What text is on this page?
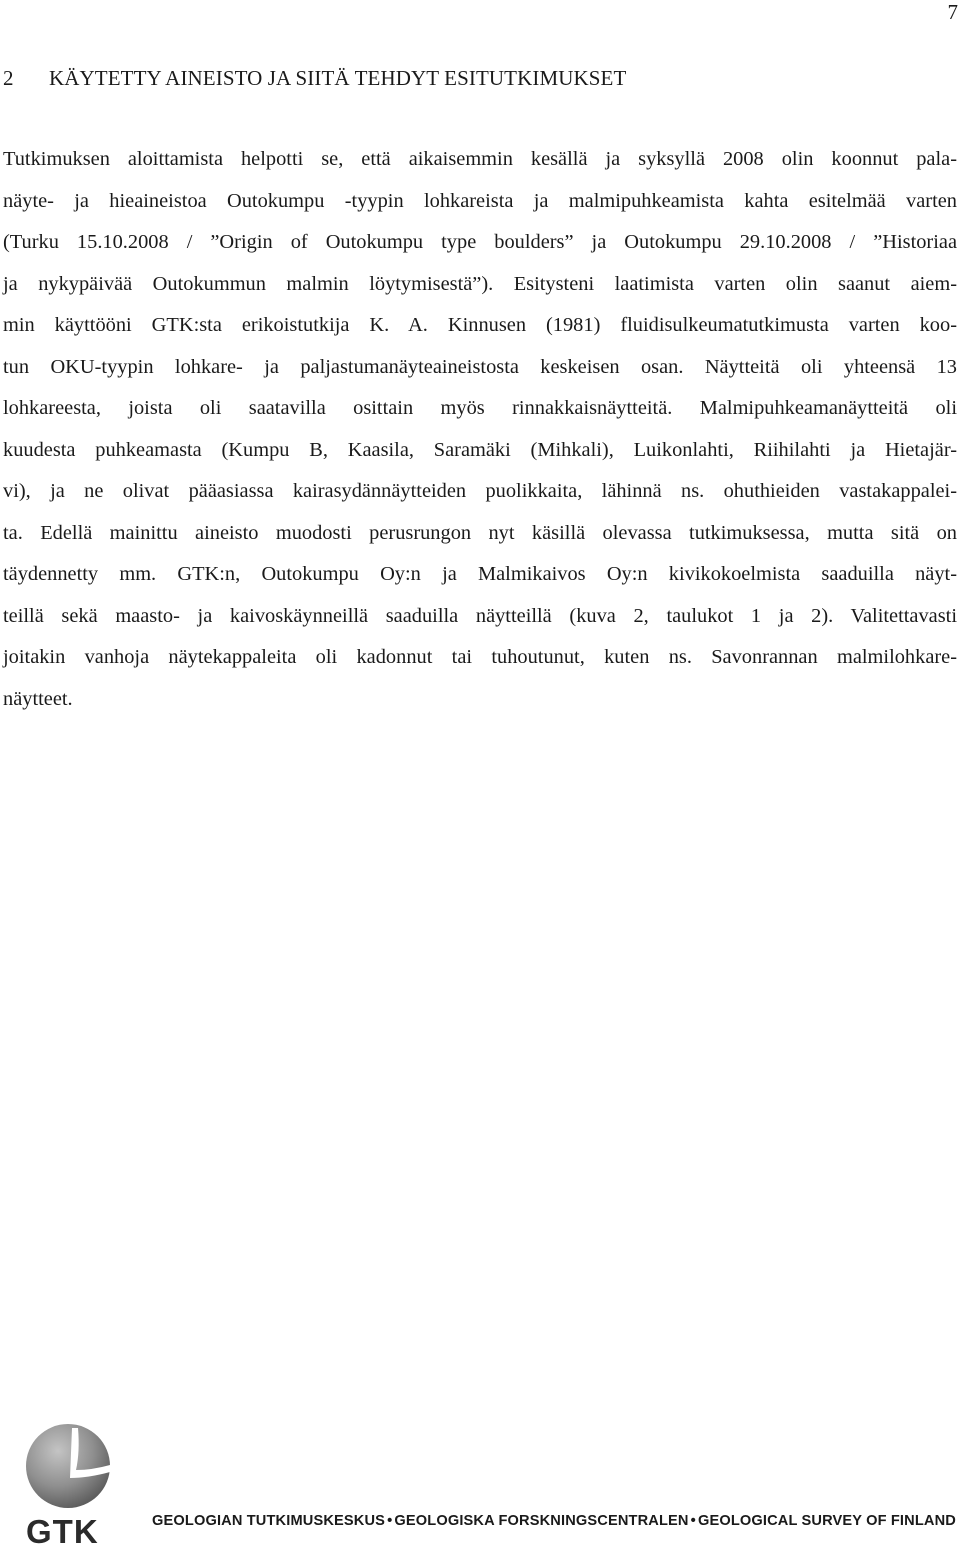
7
2 KÄYTETTY AINEISTO JA SIITÄ TEHDYT ESITUTKIMUKSET
Tutkimuksen aloittamista helpotti se, että aikaisemmin kesällä ja syksyllä 2008 olin koonnut pala-
näyte- ja hieaineistoa Outokumpu -tyypin lohkareista ja malmipuhkeamista kahta esitelmää varten
(Turku 15.10.2008 / ”Origin of Outokumpu type boulders” ja Outokumpu 29.10.2008 / ”Historiaa
ja nykypäivää Outokummun malmin löytymisestä”). Esitysteni laatimista varten olin saanut aiem-
min käyttööni GTK:sta erikoistutkija K. A. Kinnusen (1981) fluidisulkeumatutkimusta varten koo-
tun OKU-tyypin lohkare- ja paljastumanäyteaineistosta keskeisen osan. Näytteitä oli yhteensä 13
lohkareesta, joista oli saatavilla osittain myös rinnakkaisnäytteitä. Malmipuhkeamanäytteitä oli
kuudesta puhkeamasta (Kumpu B, Kaasila, Saramäki (Mihkali), Luikonlahti, Riihilahti ja Hietajär-
vi), ja ne olivat pääasiassa kairasydännäytteiden puolikkaita, lähinnä ns. ohuthieiden vastakappalei-
ta. Edellä mainittu aineisto muodosti perusrungon nyt käsillä olevassa tutkimuksessa, mutta sitä on
täydennetty mm. GTK:n, Outokumpu Oy:n ja Malmikaivos Oy:n kivikokoelmista saaduilla näyt-
teillä sekä maasto- ja kaivoskäynneillä saaduilla näytteillä (kuva 2, taulukot 1 ja 2). Valitettavasti
joitakin vanhoja näytekappaleita oli kadonnut tai tuhoutunut, kuten ns. Savonrannan malmilohkare-
näytteet.
GTK	GEOLOGIAN TUTKIMUSKESKUS • GEOLOGISKA FORSKNINGSCENTRALEN • GEOLOGICAL SURVEY OF FINLAND
